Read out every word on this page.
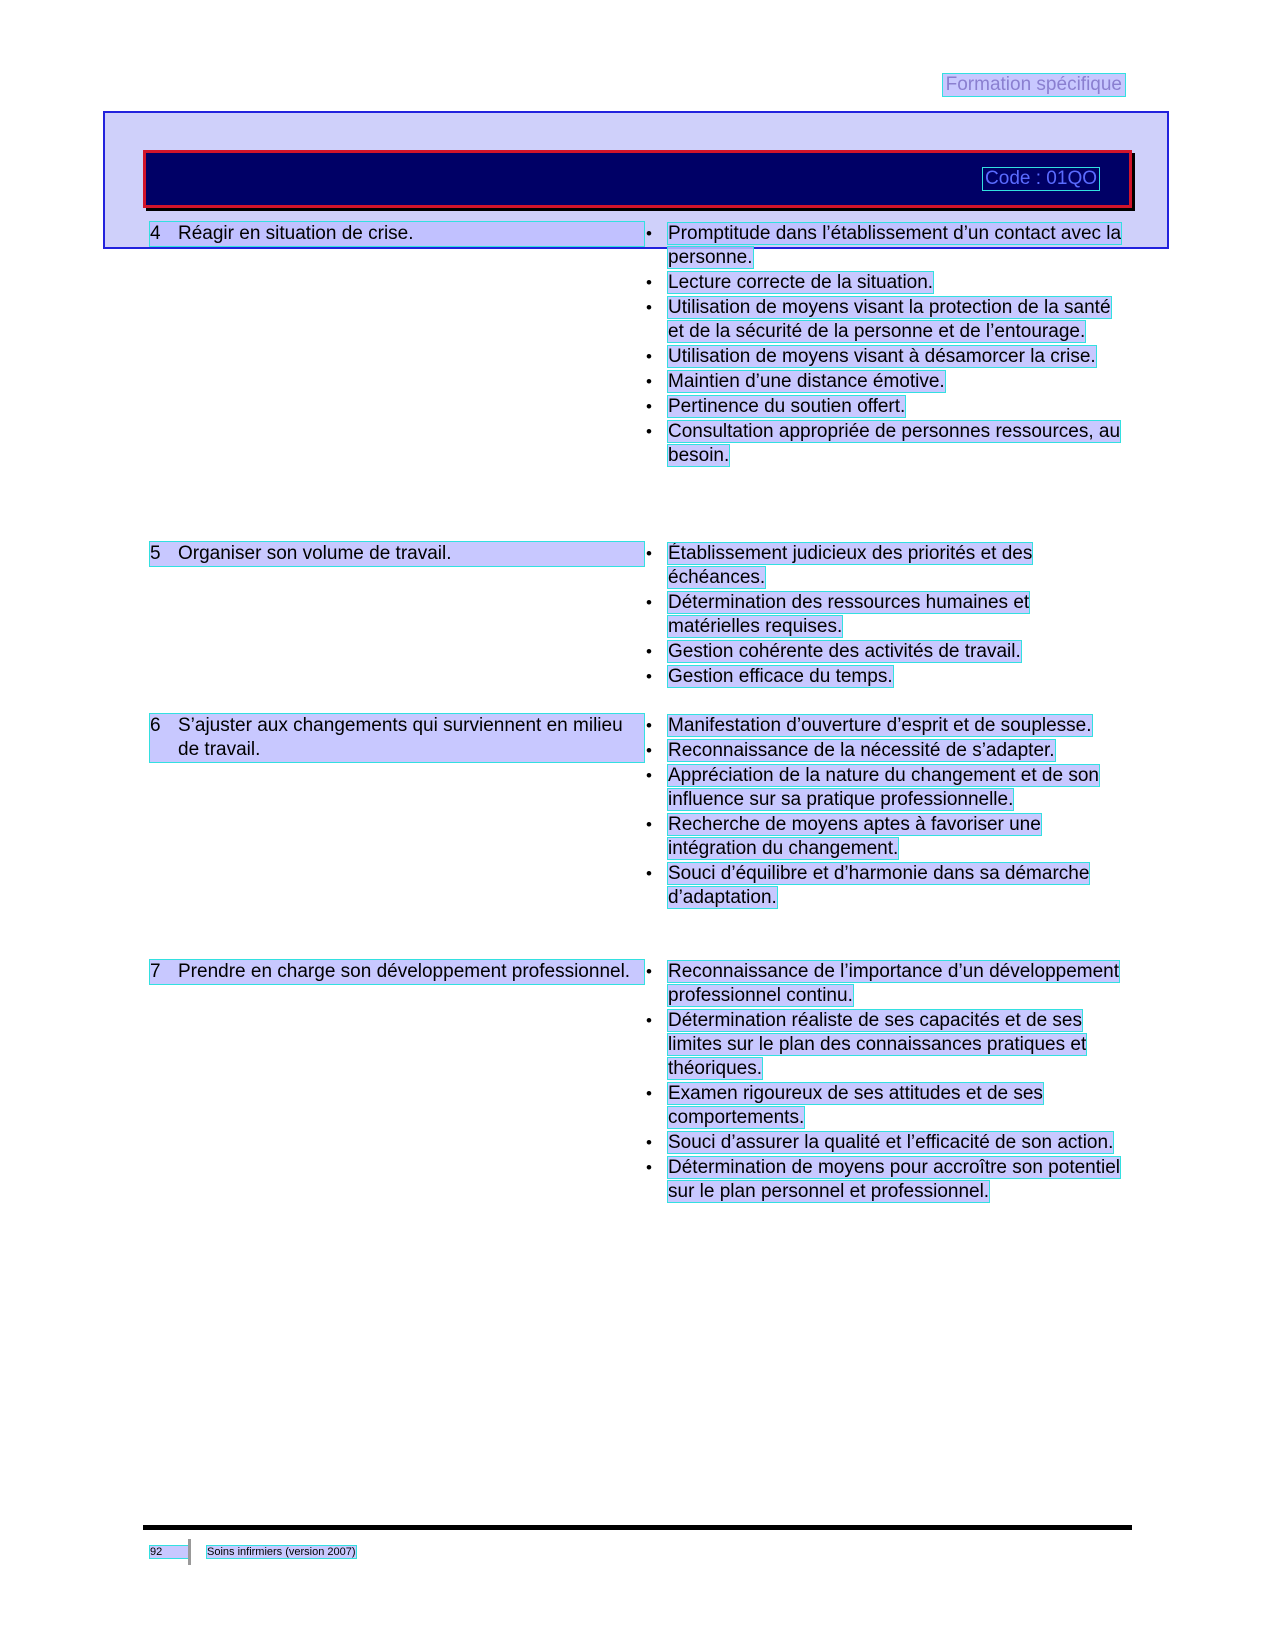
Formation spécifique
Code : 01QO
4 Réagir en situation de crise.	• Promptitude dans l’établissement d’un contact avec la personne.
• Lecture correcte de la situation.
• Utilisation de moyens visant la protection de la santé et de la sécurité de la personne et de l’entourage.
• Utilisation de moyens visant à désamorcer la crise.
• Maintien d’une distance émotive.
• Pertinence du soutien offert.
• Consultation appropriée de personnes ressources, au besoin.
5 Organiser son volume de travail.	• Établissement judicieux des priorités et des échéances.
• Détermination des ressources humaines et matérielles requises.
• Gestion cohérente des activités de travail.
• Gestion efficace du temps.
6 S’ajuster aux changements qui surviennent en milieu de travail.
• Manifestation d’ouverture d’esprit et de souplesse.
• Reconnaissance de la nécessité de s’adapter.
• Appréciation de la nature du changement et de son influence sur sa pratique professionnelle.
• Recherche de moyens aptes à favoriser une intégration du changement.
• Souci d’équilibre et d’harmonie dans sa démarche d’adaptation.
7 Prendre en charge son développement professionnel. • Reconnaissance de l’importance d’un développement professionnel continu.
• Détermination réaliste de ses capacités et de ses limites sur le plan des connaissances pratiques et théoriques.
• Examen rigoureux de ses attitudes et de ses comportements.
• Souci d’assurer la qualité et l’efficacité de son action.
• Détermination de moyens pour accroître son potentiel sur le plan personnel et professionnel.
92	Soins infirmiers (version 2007)
